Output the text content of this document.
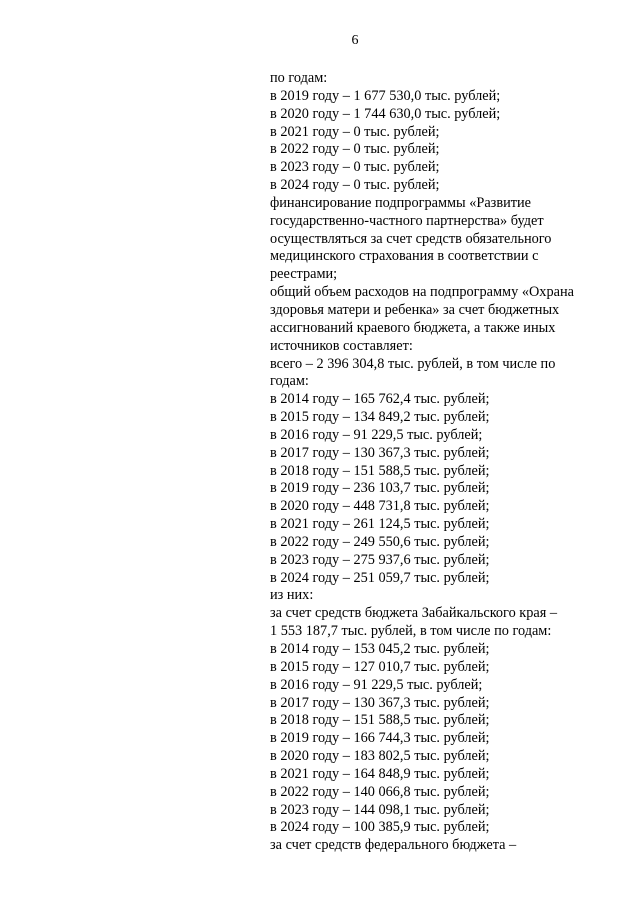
6
по годам:
в 2019 году – 1 677 530,0 тыс. рублей;
в 2020 году – 1 744 630,0 тыс. рублей;
в 2021 году – 0 тыс. рублей;
в 2022 году – 0 тыс. рублей;
в 2023 году – 0 тыс. рублей;
в 2024 году – 0 тыс. рублей;
финансирование подпрограммы «Развитие
государственно-частного партнерства» будет
осуществляться за счет средств обязательного
медицинского страхования в соответствии с
реестрами;
общий объем расходов на подпрограмму «Охрана
здоровья матери и ребенка» за счет бюджетных
ассигнований краевого бюджета, а также иных
источников составляет:
всего – 2 396 304,8 тыс. рублей, в том числе по
годам:
в 2014 году – 165 762,4 тыс. рублей;
в 2015 году – 134 849,2 тыс. рублей;
в 2016 году – 91 229,5 тыс. рублей;
в 2017 году – 130 367,3 тыс. рублей;
в 2018 году – 151 588,5 тыс. рублей;
в 2019 году – 236 103,7 тыс. рублей;
в 2020 году – 448 731,8 тыс. рублей;
в 2021 году – 261 124,5 тыс. рублей;
в 2022 году – 249 550,6 тыс. рублей;
в 2023 году – 275 937,6 тыс. рублей;
в 2024 году – 251 059,7 тыс. рублей;
из них:
за счет средств бюджета Забайкальского края –
1 553 187,7 тыс. рублей, в том числе по годам:
в 2014 году – 153 045,2 тыс. рублей;
в 2015 году – 127 010,7 тыс. рублей;
в 2016 году – 91 229,5 тыс. рублей;
в 2017 году – 130 367,3 тыс. рублей;
в 2018 году – 151 588,5 тыс. рублей;
в 2019 году – 166 744,3 тыс. рублей;
в 2020 году – 183 802,5 тыс. рублей;
в 2021 году – 164 848,9 тыс. рублей;
в 2022 году – 140 066,8 тыс. рублей;
в 2023 году – 144 098,1 тыс. рублей;
в 2024 году – 100 385,9 тыс. рублей;
за счет средств федерального бюджета –
